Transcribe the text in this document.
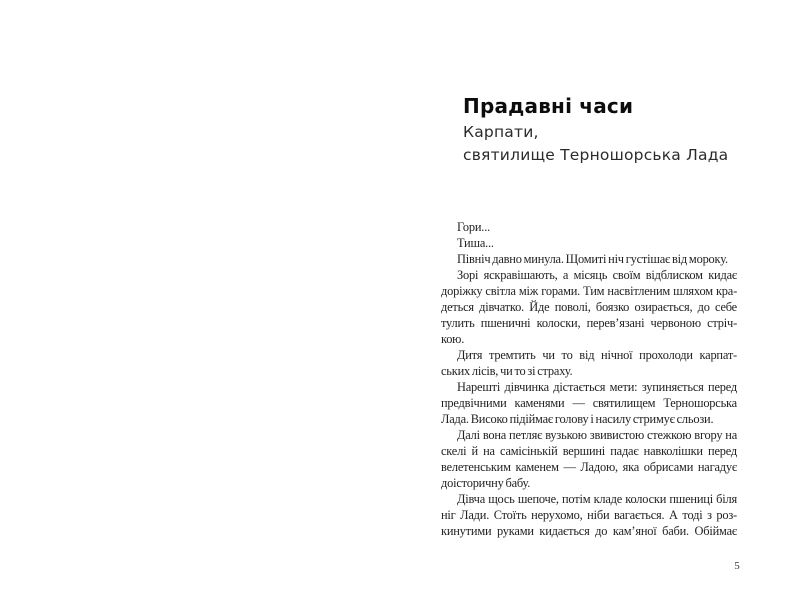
Прадавні часи
Карпати,
святилище Терношорська Лада
Гори...
Тиша...
Північ давно минула. Щомиті ніч густішає від мороку.
Зорі яскравішають, а місяць своїм відблиском кидає
доріжку світла між горами. Тим насвітленим шляхом кра-
деться дівчатко. Йде поволі, боязко озирається, до себе
тулить пшеничні колоски, перев’язані червоною стріч-
кою.
Дитя тремтить чи то від нічної прохолоди карпат-
ських лісів, чи то зі страху.
Нарешті дівчинка дістається мети: зупиняється перед
предвічними каменями — святилищем Терношорська
Лада. Високо підіймає голову і насилу стримує сльози.
Далі вона петляє вузькою звивистою стежкою вгору на
скелі й на самісінькій вершині падає навколішки перед
велетенським каменем — Ладою, яка обрисами нагадує
доісторичну бабу.
Дівча щось шепоче, потім кладе колоски пшениці біля
ніг Лади. Стоїть нерухомо, ніби вагається. А тоді з роз-
кинутими руками кидається до кам’яної баби. Обіймає
5
